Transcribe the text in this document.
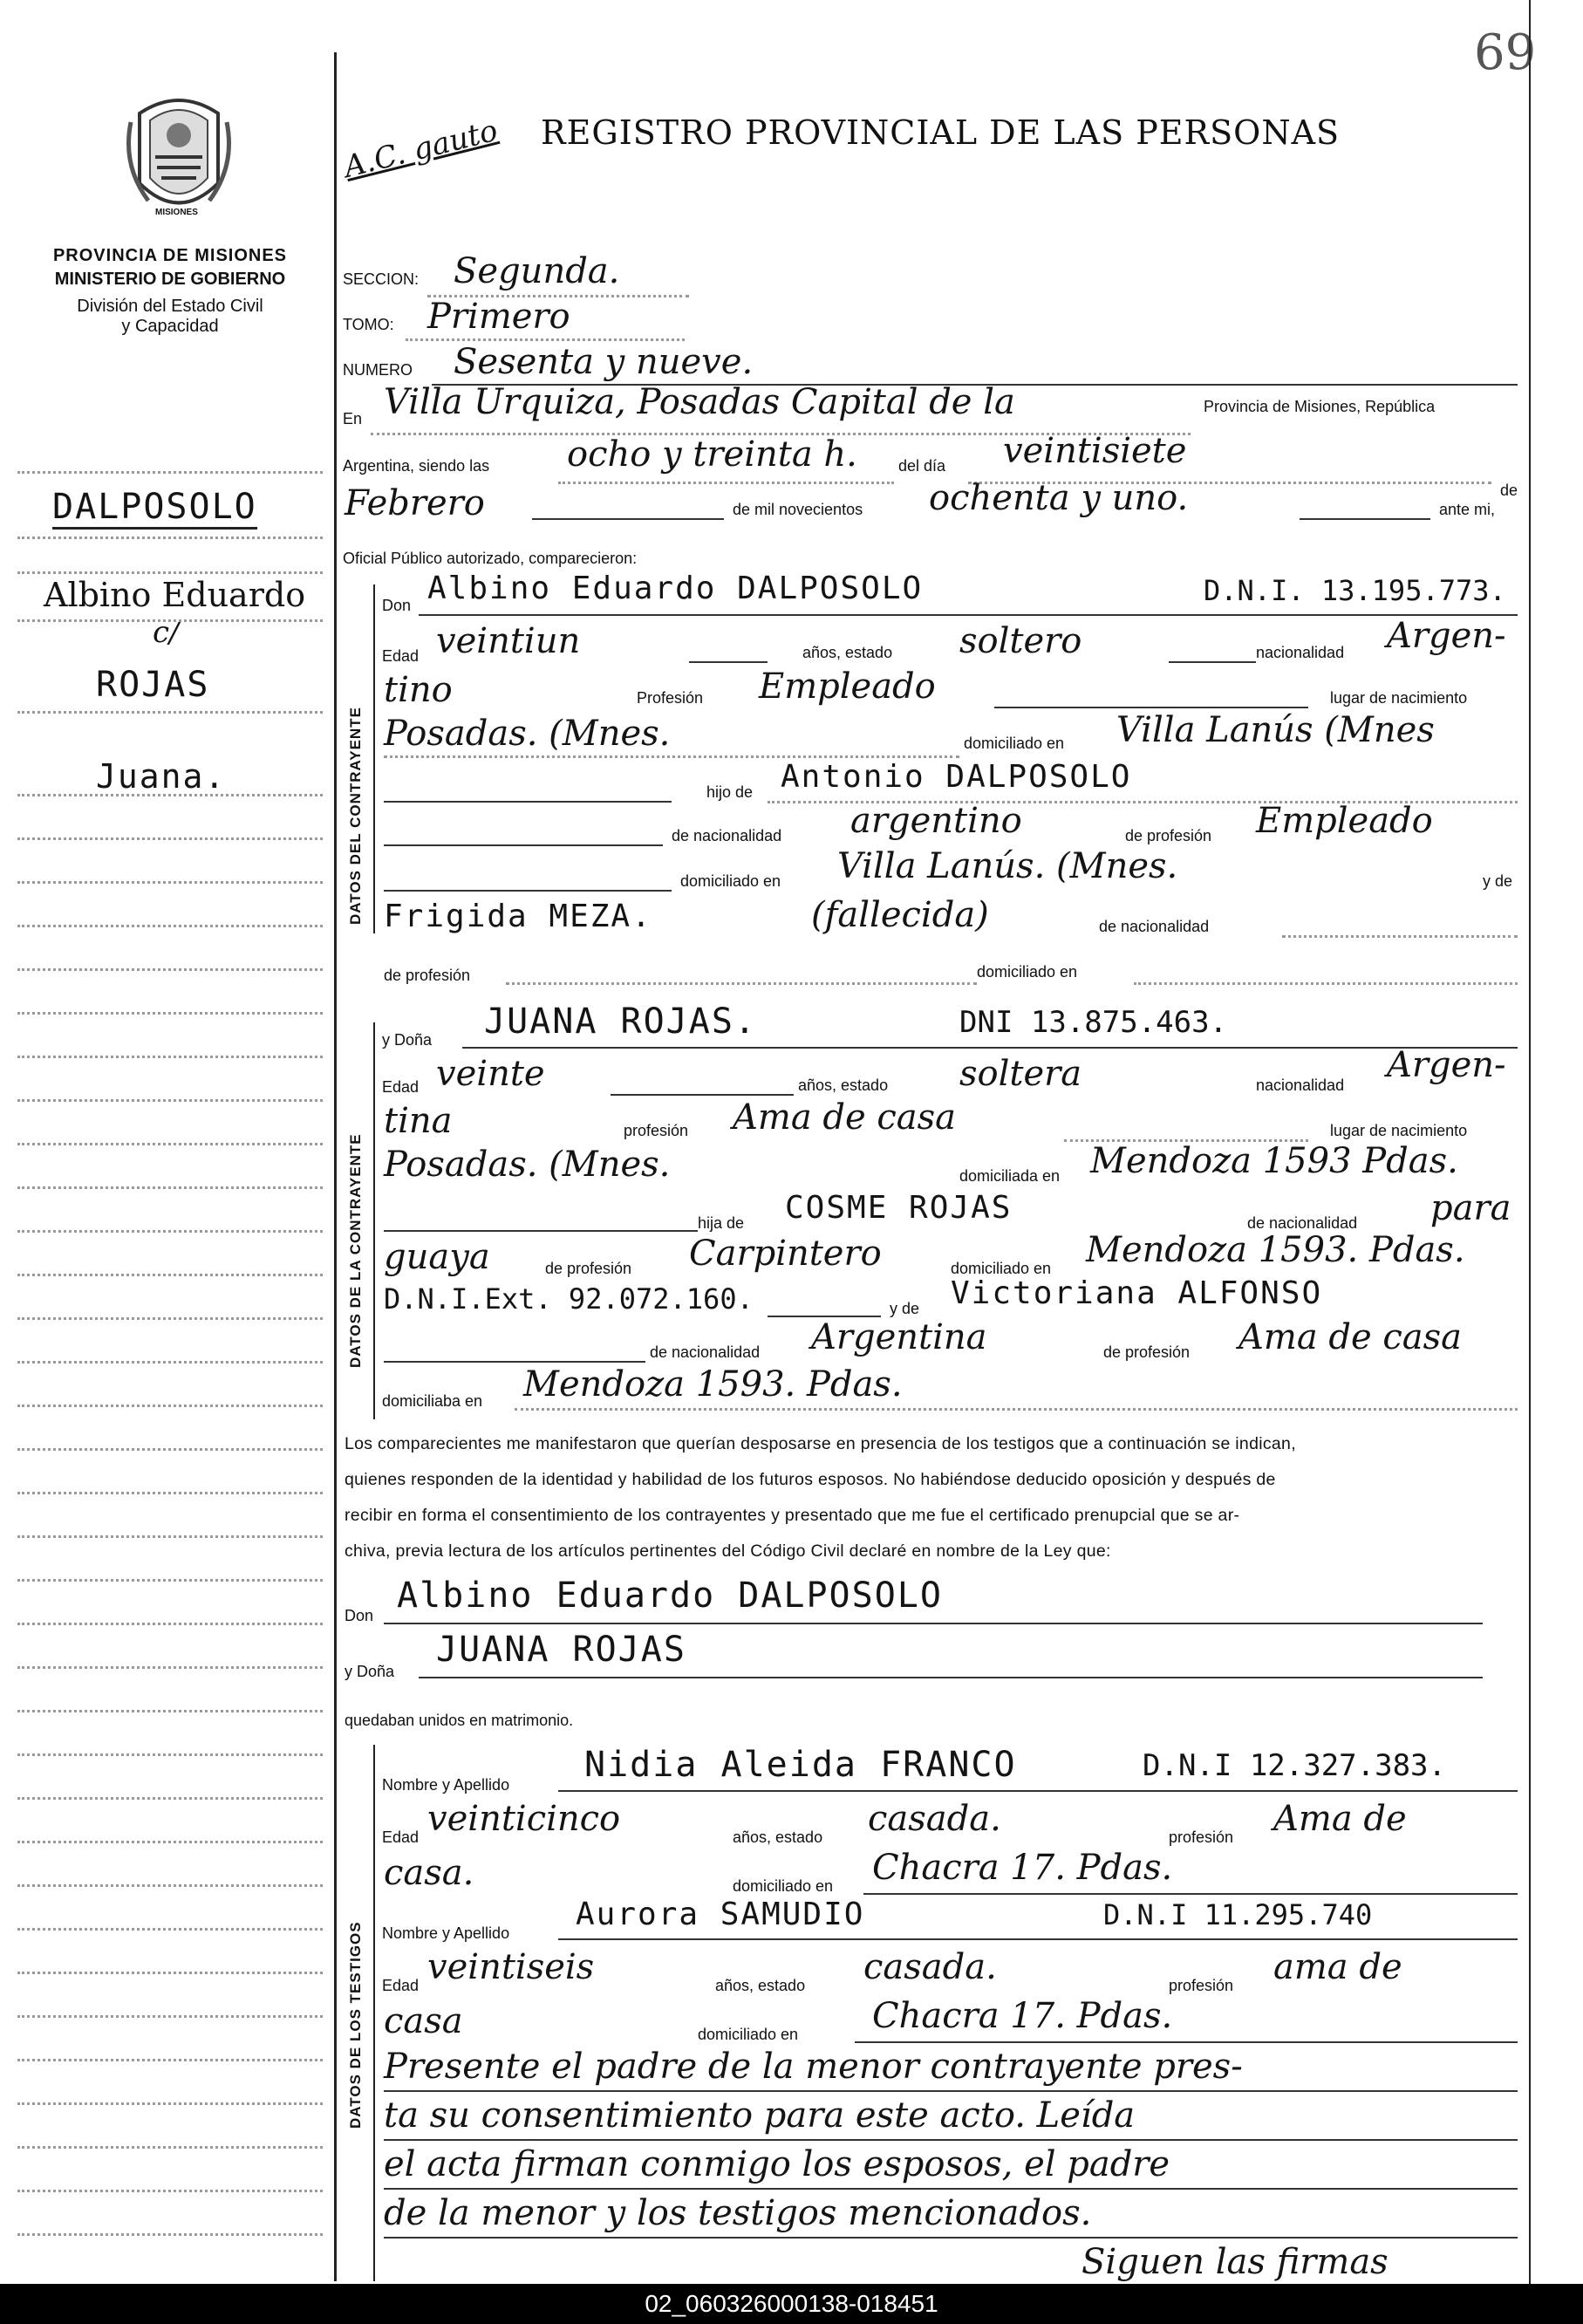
69
MISIONES
PROVINCIA DE MISIONES
MINISTERIO DE GOBIERNO
División del Estado Civil
y Capacidad
A.C. gauto REGISTRO PROVINCIAL DE LAS PERSONAS
DALPOSOLO
Albino Eduardo
c/
ROJAS
Juana.
SECCION: Segunda.
TOMO: Primero
NUMERO Sesenta y nueve.
En Villa Urquiza, Posadas Capital de la	Provincia de Misiones, República
Argentina, siendo las ocho y treinta h.	del día veintisiete
de
Febrero	de mil novecientos ochenta y uno.	ante mi,
Oficial Público autorizado, comparecieron:
DATOS DEL CONTRAYENTE
Don Albino Eduardo DALPOSOLO	D.N.I. 13.195.773.
Edad veintiun	años, estado soltero	nacionalidad Argen-
tino	Profesión Empleado	lugar de nacimiento
Posadas. (Mnes.	domiciliado en Villa Lanús (Mnes
hijo de Antonio DALPOSOLO
de nacionalidad argentino	de profesión Empleado
domiciliado en Villa Lanús. (Mnes.	y de
Frigida MEZA.	(fallecida)	de nacionalidad
de profesión	domiciliado en
DATOS DE LA CONTRAYENTE
y Doña JUANA ROJAS.	DNI 13.875.463.
Edad veinte	años, estado soltera	nacionalidad Argen-
tina	profesión Ama de casa	lugar de nacimiento
Posadas. (Mnes.	domiciliada en Mendoza 1593 Pdas.
hija de COSME ROJAS	de nacionalidad para
guaya	de profesión Carpintero	domiciliado en Mendoza 1593. Pdas.
D.N.I.Ext. 92.072.160.	y de Victoriana ALFONSO
de nacionalidad Argentina	de profesión Ama de casa
domiciliaba en Mendoza 1593. Pdas.
Los comparecientes me manifestaron que querían desposarse en presencia de los testigos que a continuación se indican,
quienes responden de la identidad y habilidad de los futuros esposos. No habiéndose deducido oposición y después de
recibir en forma el consentimiento de los contrayentes y presentado que me fue el certificado prenupcial que se ar-
chiva, previa lectura de los artículos pertinentes del Código Civil declaré en nombre de la Ley que:
Don Albino Eduardo DALPOSOLO
y Doña
JUANA ROJAS
quedaban unidos en matrimonio.
DATOS DE LOS TESTIGOS
Nombre y Apellido Nidia Aleida FRANCO	D.N.I 12.327.383.
Edad veinticinco	años, estado casada.	profesión Ama de
casa.	domiciliado en Chacra 17. Pdas.
Nombre y Apellido
Aurora SAMUDIO	D.N.I 11.295.740
Edad veintiseis	años, estado casada.	profesión ama de
casa	domiciliado en Chacra 17. Pdas.
Presente el padre de la menor contrayente pres-
ta su consentimiento para este acto. Leída
el acta firman conmigo los esposos, el padre
de la menor y los testigos mencionados.
Siguen las firmas
02_060326000138-018451
